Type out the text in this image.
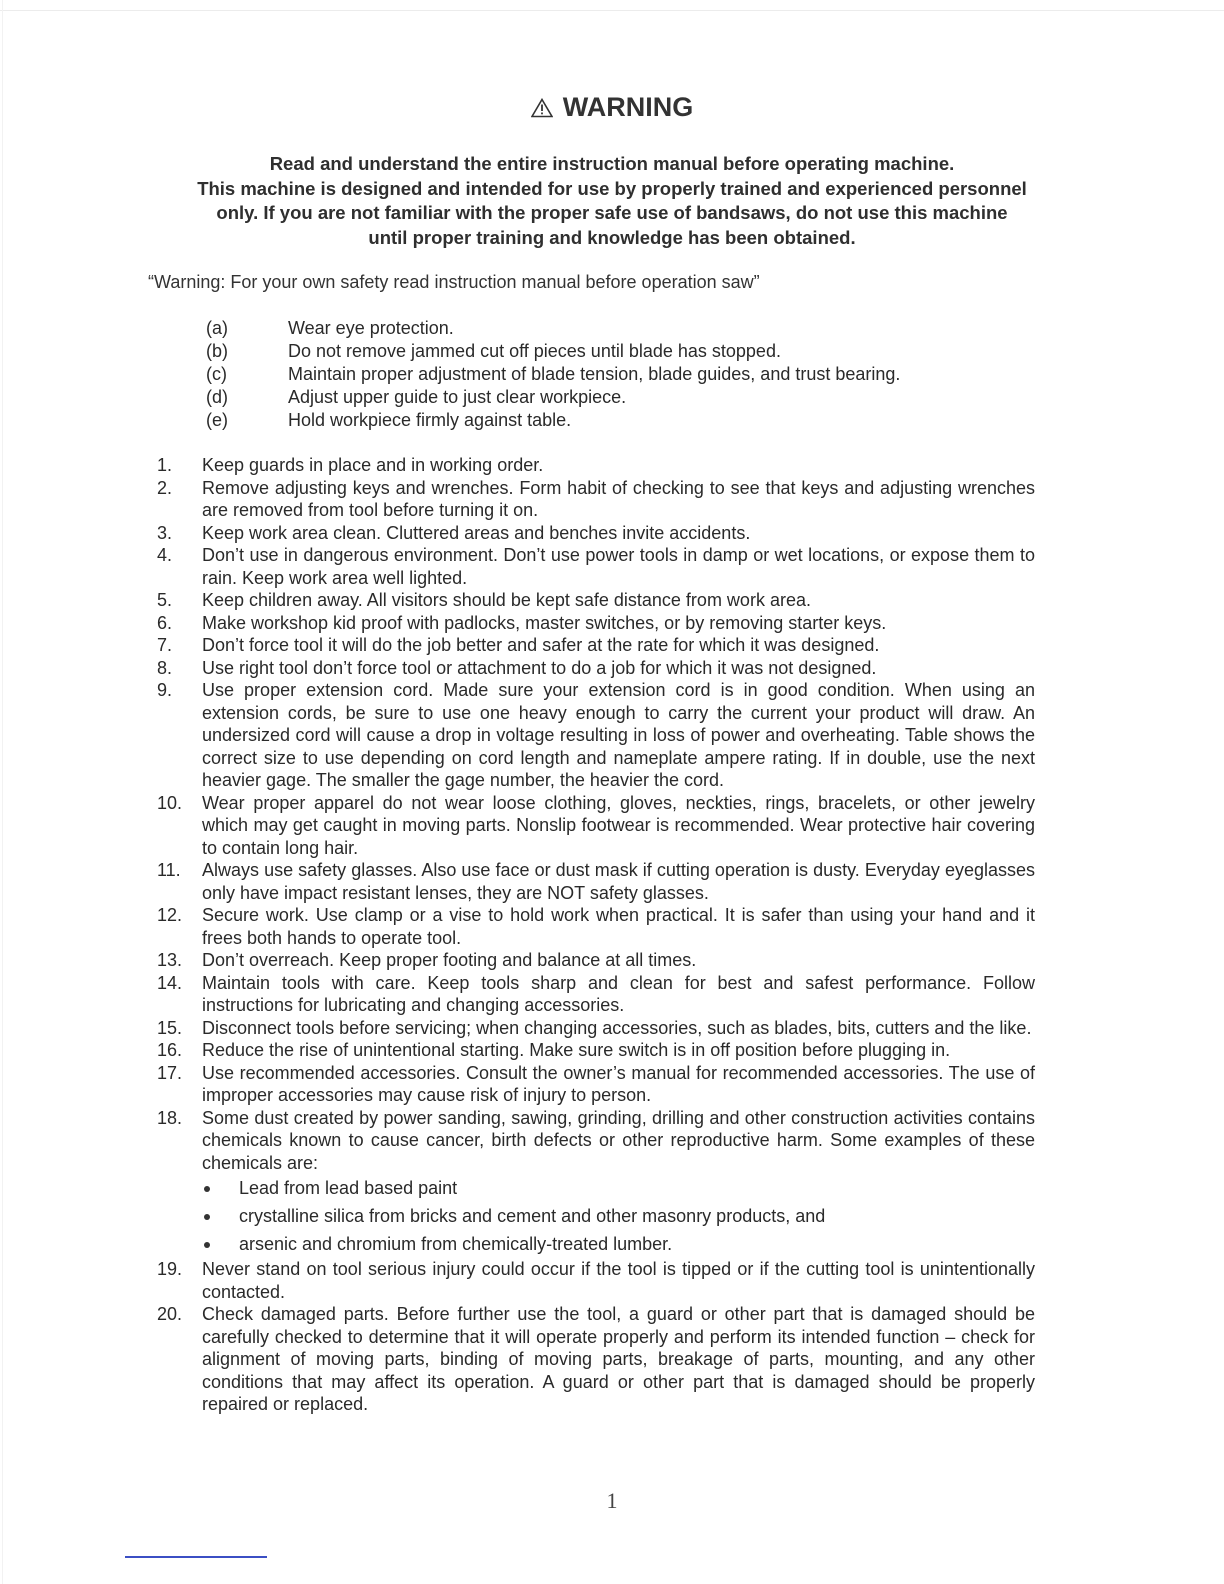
WARNING
Read and understand the entire instruction manual before operating machine.
This machine is designed and intended for use by properly trained and experienced personnel
only. If you are not familiar with the proper safe use of bandsaws, do not use this machine
until proper training and knowledge has been obtained.
“Warning: For your own safety read instruction manual before operation saw”
(a)	Wear eye protection.
(b)	Do not remove jammed cut off pieces until blade has stopped.
(c)	Maintain proper adjustment of blade tension, blade guides, and trust bearing.
(d)	Adjust upper guide to just clear workpiece.
(e)	Hold workpiece firmly against table.
1. Keep guards in place and in working order.
2. Remove adjusting keys and wrenches. Form habit of checking to see that keys and adjusting wrenches are removed from tool before turning it on.
3. Keep work area clean. Cluttered areas and benches invite accidents.
4. Don’t use in dangerous environment. Don’t use power tools in damp or wet locations, or expose them to rain. Keep work area well lighted.
5. Keep children away. All visitors should be kept safe distance from work area.
6. Make workshop kid proof with padlocks, master switches, or by removing starter keys.
7. Don’t force tool it will do the job better and safer at the rate for which it was designed.
8. Use right tool don’t force tool or attachment to do a job for which it was not designed.
9. Use proper extension cord. Made sure your extension cord is in good condition. When using an extension cords, be sure to use one heavy enough to carry the current your product will draw. An undersized cord will cause a drop in voltage resulting in loss of power and overheating. Table shows the correct size to use depending on cord length and nameplate ampere rating. If in double, use the next heavier gage. The smaller the gage number, the heavier the cord.
10. Wear proper apparel do not wear loose clothing, gloves, neckties, rings, bracelets, or other jewelry which may get caught in moving parts. Nonslip footwear is recommended. Wear protective hair covering to contain long hair.
11. Always use safety glasses. Also use face or dust mask if cutting operation is dusty. Everyday eyeglasses only have impact resistant lenses, they are NOT safety glasses.
12. Secure work. Use clamp or a vise to hold work when practical. It is safer than using your hand and it frees both hands to operate tool.
13. Don’t overreach. Keep proper footing and balance at all times.
14. Maintain tools with care. Keep tools sharp and clean for best and safest performance. Follow instructions for lubricating and changing accessories.
15. Disconnect tools before servicing; when changing accessories, such as blades, bits, cutters and the like.
16. Reduce the rise of unintentional starting. Make sure switch is in off position before plugging in.
17. Use recommended accessories. Consult the owner’s manual for recommended accessories. The use of improper accessories may cause risk of injury to person.
18. Some dust created by power sanding, sawing, grinding, drilling and other construction activities contains chemicals known to cause cancer, birth defects or other reproductive harm. Some examples of these chemicals are:
Lead from lead based paint
crystalline silica from bricks and cement and other masonry products, and
arsenic and chromium from chemically-treated lumber.
19. Never stand on tool serious injury could occur if the tool is tipped or if the cutting tool is unintentionally contacted.
20. Check damaged parts. Before further use the tool, a guard or other part that is damaged should be carefully checked to determine that it will operate properly and perform its intended function – check for alignment of moving parts, binding of moving parts, breakage of parts, mounting, and any other conditions that may affect its operation. A guard or other part that is damaged should be properly repaired or replaced.
1
